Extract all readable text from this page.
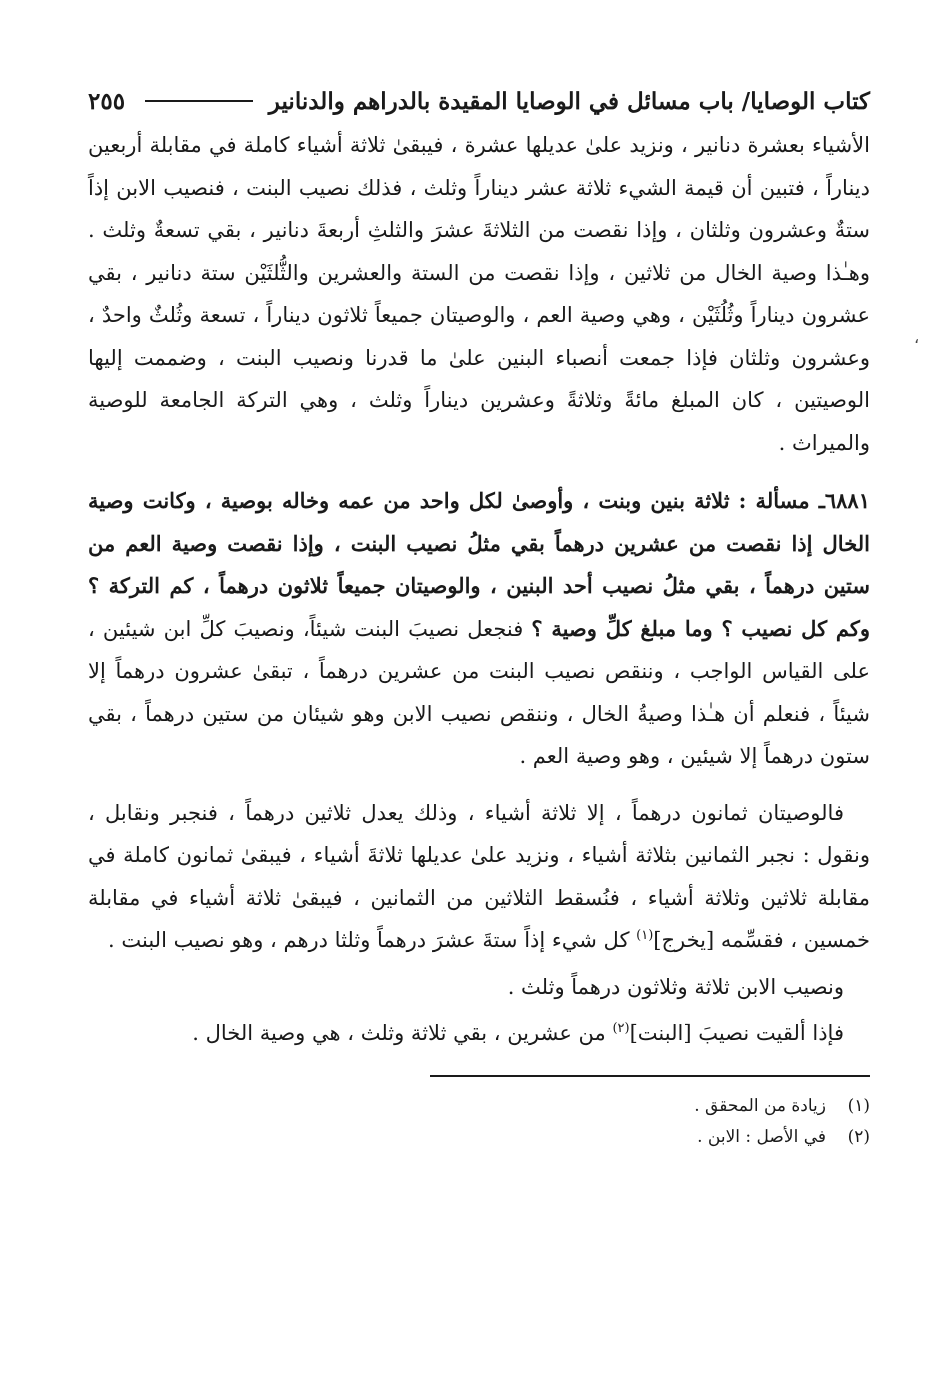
كتاب الوصايا/ باب مسائل في الوصايا المقيدة بالدراهم والدنانير
٢٥٥

الأشياء بعشرة دنانير ، ونزيد علىٰ عديلها عشرة ، فيبقىٰ ثلاثة أشياء كاملة في مقابلة أربعين ديناراً ، فتبين أن قيمة الشيء ثلاثة عشر ديناراً وثلث ، فذلك نصيب البنت ، فنصيب الابن إذاً ستةٌ وعشرون وثلثان ، وإذا نقصت من الثلاثةَ عشرَ والثلثِ أربعةَ دنانير ، بقي تسعةٌ وثلث . وهـٰذا وصية الخال من ثلاثين ، وإذا نقصت من الستة والعشرين والثُّلثَيْن ستة دنانير ، بقي عشرون ديناراً وثُلُثَيْن ، وهي وصية العم ، والوصيتان جميعاً ثلاثون ديناراً ، تسعة وثُلثٌ واحدٌ ، وعشرون وثلثان فإذا جمعت أنصباء البنين علىٰ ما قدرنا ونصيب البنت ، وضممت إليها الوصيتين ، كان المبلغ مائةً وثلاثةً وعشرين ديناراً وثلث ، وهي التركة الجامعة للوصية والميراث .

٦٨٨١ـ مسألة : ثلاثة بنين وبنت ، وأوصىٰ لكل واحد من عمه وخاله بوصية ، وكانت وصية الخال إذا نقصت من عشرين درهماً بقي مثلُ نصيب البنت ، وإذا نقصت وصية العم من ستين درهماً ، بقي مثلُ نصيب أحد البنين ، والوصيتان جميعاً ثلاثون درهماً ، كم التركة ؟ وكم كل نصيب ؟ وما مبلغ كلِّ وصية ؟ فنجعل نصيبَ البنت شيئاً، ونصيبَ كلِّ ابن شيئين ، على القياس الواجب ، وننقص نصيب البنت من عشرين درهماً ، تبقىٰ عشرون درهماً إلا شيئاً ، فنعلم أن هـٰذا وصيةُ الخال ، وننقص نصيب الابن وهو شيئان من ستين درهماً ، بقي ستون درهماً إلا شيئين ، وهو وصية العم .

فالوصيتان ثمانون درهماً ، إلا ثلاثة أشياء ، وذلك يعدل ثلاثين درهماً ، فنجبر ونقابل ، ونقول : نجبر الثمانين بثلاثة أشياء ، ونزيد علىٰ عديلها ثلاثةَ أشياء ، فيبقىٰ ثمانون كاملة في مقابلة ثلاثين وثلاثة أشياء ، فنُسقط الثلاثين من الثمانين ، فيبقىٰ ثلاثة أشياء في مقابلة خمسين ، فقسِّمه [يخرج]$^{(١)}$ كل شيء إذاً ستةَ عشرَ درهماً وثلثا درهم ، وهو نصيب البنت .

ونصيب الابن ثلاثة وثلاثون درهماً وثلث .

فإذا ألقيت نصيبَ [البنت]$^{(٢)}$ من عشرين ، بقي ثلاثة وثلث ، هي وصية الخال .

(١)
زيادة من المحقق .
(٢)
في الأصل : الابن .
،
